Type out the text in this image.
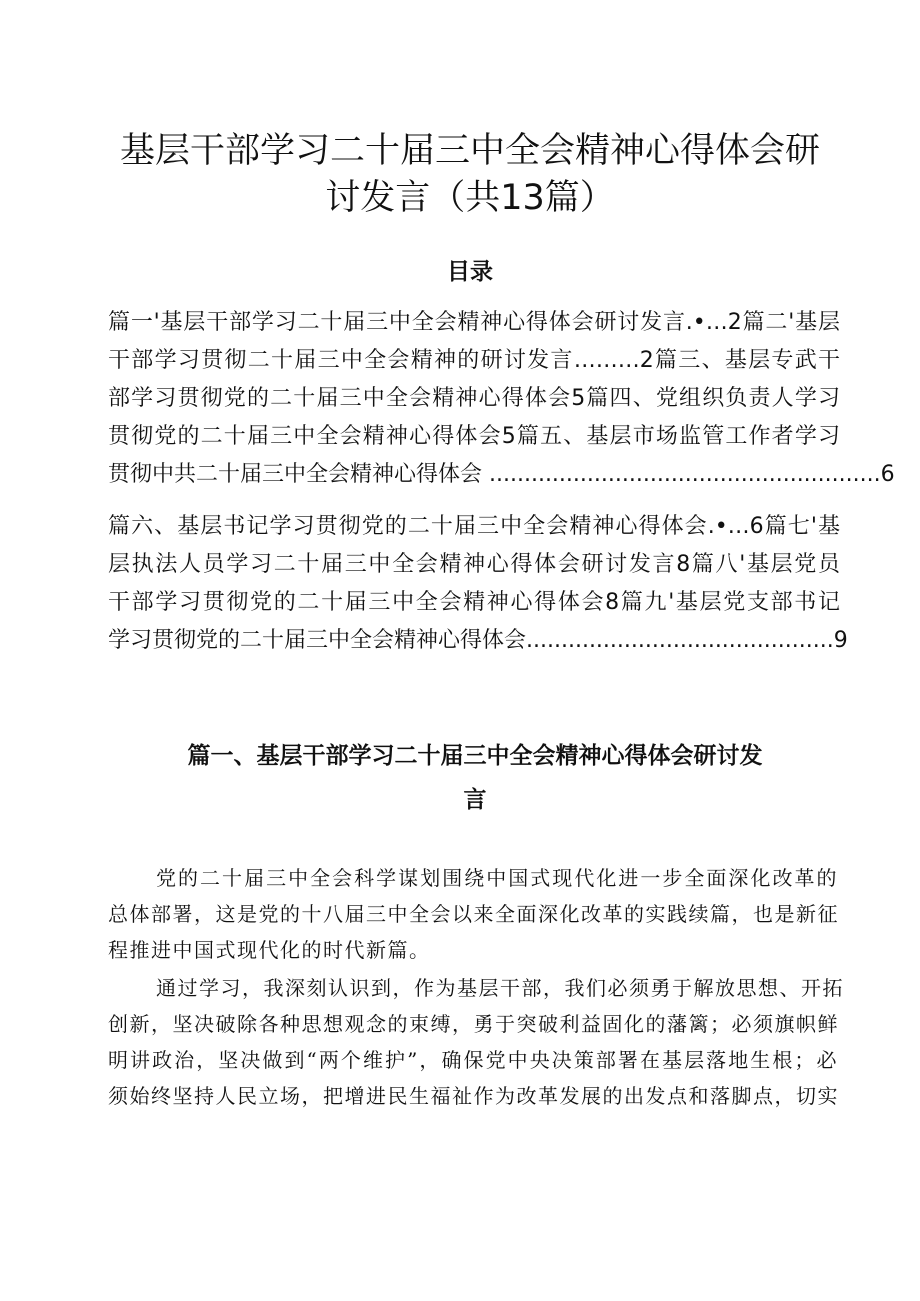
基层干部学习二十届三中全会精神心得体会研
讨发言（共13篇）
目录
篇一'基层干部学习二十届三中全会精神心得体会研讨发言.•…2篇二'基层
干部学习贯彻二十届三中全会精神的研讨发言………2篇三、基层专武干
部学习贯彻党的二十届三中全会精神心得体会5篇四、党组织负责人学习
贯彻党的二十届三中全会精神心得体会5篇五、基层市场监管工作者学习
贯彻中共二十届三中全会精神心得体会 ........................................................6
篇六、基层书记学习贯彻党的二十届三中全会精神心得体会.•…6篇七'基
层执法人员学习二十届三中全会精神心得体会研讨发言8篇八'基层党员
干部学习贯彻党的二十届三中全会精神心得体会8篇九'基层党支部书记
学习贯彻党的二十届三中全会精神心得体会............................................9
篇一、基层干部学习二十届三中全会精神心得体会研讨发
言
党的二十届三中全会科学谋划围绕中国式现代化进一步全面深化改革的
总体部署，这是党的十八届三中全会以来全面深化改革的实践续篇，也是新征
程推进中国式现代化的时代新篇。
通过学习，我深刻认识到，作为基层干部，我们必须勇于解放思想、开拓
创新，坚决破除各种思想观念的束缚，勇于突破利益固化的藩篱；必须旗帜鲜
明讲政治，坚决做到“两个维护”，确保党中央决策部署在基层落地生根；必
须始终坚持人民立场，把增进民生福祉作为改革发展的出发点和落脚点，切实
